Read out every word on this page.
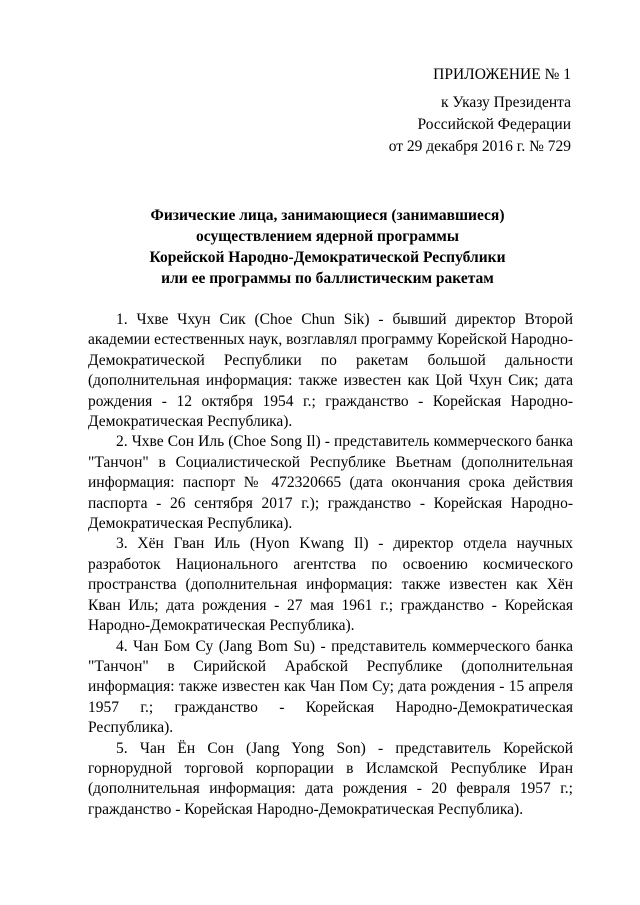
ПРИЛОЖЕНИЕ № 1
к Указу Президента
Российской Федерации
от 29 декабря 2016 г. № 729
Физические лица, занимающиеся (занимавшиеся)
осуществлением ядерной программы
Корейской Народно-Демократической Республики
или ее программы по баллистическим ракетам

1. Чхве Чхун Сик (Choe Chun Sik) - бывший директор Второй академии естественных наук, возглавлял программу Корейской Народно-Демократической Республики по ракетам большой дальности (дополнительная информация: также известен как Цой Чхун Сик; дата рождения - 12 октября 1954 г.; гражданство - Корейская Народно-Демократическая Республика).

2. Чхве Сон Иль (Choe Song Il) - представитель коммерческого банка "Танчон" в Социалистической Республике Вьетнам (дополнительная информация: паспорт № 472320665 (дата окончания срока действия паспорта - 26 сентября 2017 г.); гражданство - Корейская Народно-Демократическая Республика).

3. Хён Гван Иль (Hyon Kwang Il) - директор отдела научных разработок Национального агентства по освоению космического пространства (дополнительная информация: также известен как Хён Кван Иль; дата рождения - 27 мая 1961 г.; гражданство - Корейская Народно-Демократическая Республика).

4. Чан Бом Су (Jang Bom Su) - представитель коммерческого банка "Танчон" в Сирийской Арабской Республике (дополнительная информация: также известен как Чан Пом Су; дата рождения - 15 апреля 1957 г.; гражданство - Корейская Народно-Демократическая Республика).

5. Чан Ён Сон (Jang Yong Son) - представитель Корейской горнорудной торговой корпорации в Исламской Республике Иран (дополнительная информация: дата рождения - 20 февраля 1957 г.; гражданство - Корейская Народно-Демократическая Республика).
